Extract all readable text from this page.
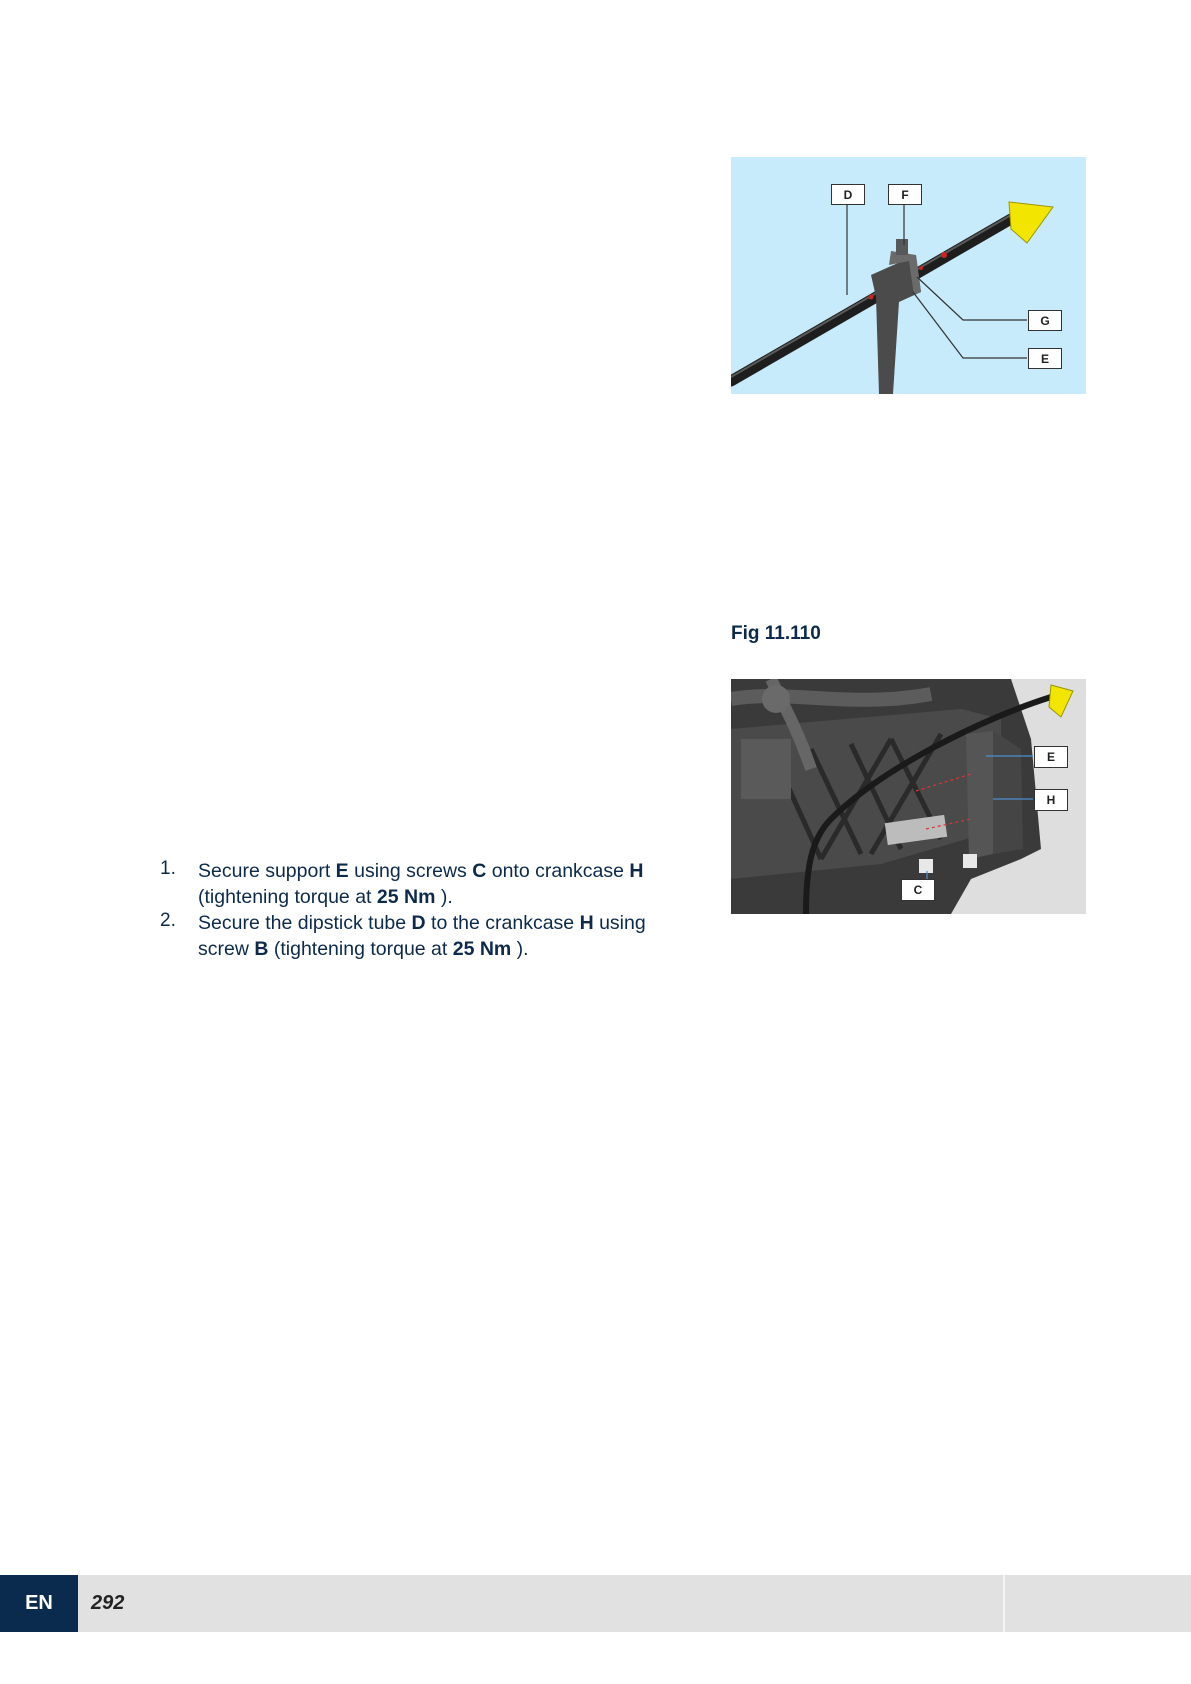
D	F
G
E
Fig 11.110
E
H
C
1. Secure support E using screws C onto crankcase H (tightening torque at 25 Nm ).
2. Secure the dipstick tube D to the crankcase H using screw B (tightening torque at 25 Nm ).
EN	292
